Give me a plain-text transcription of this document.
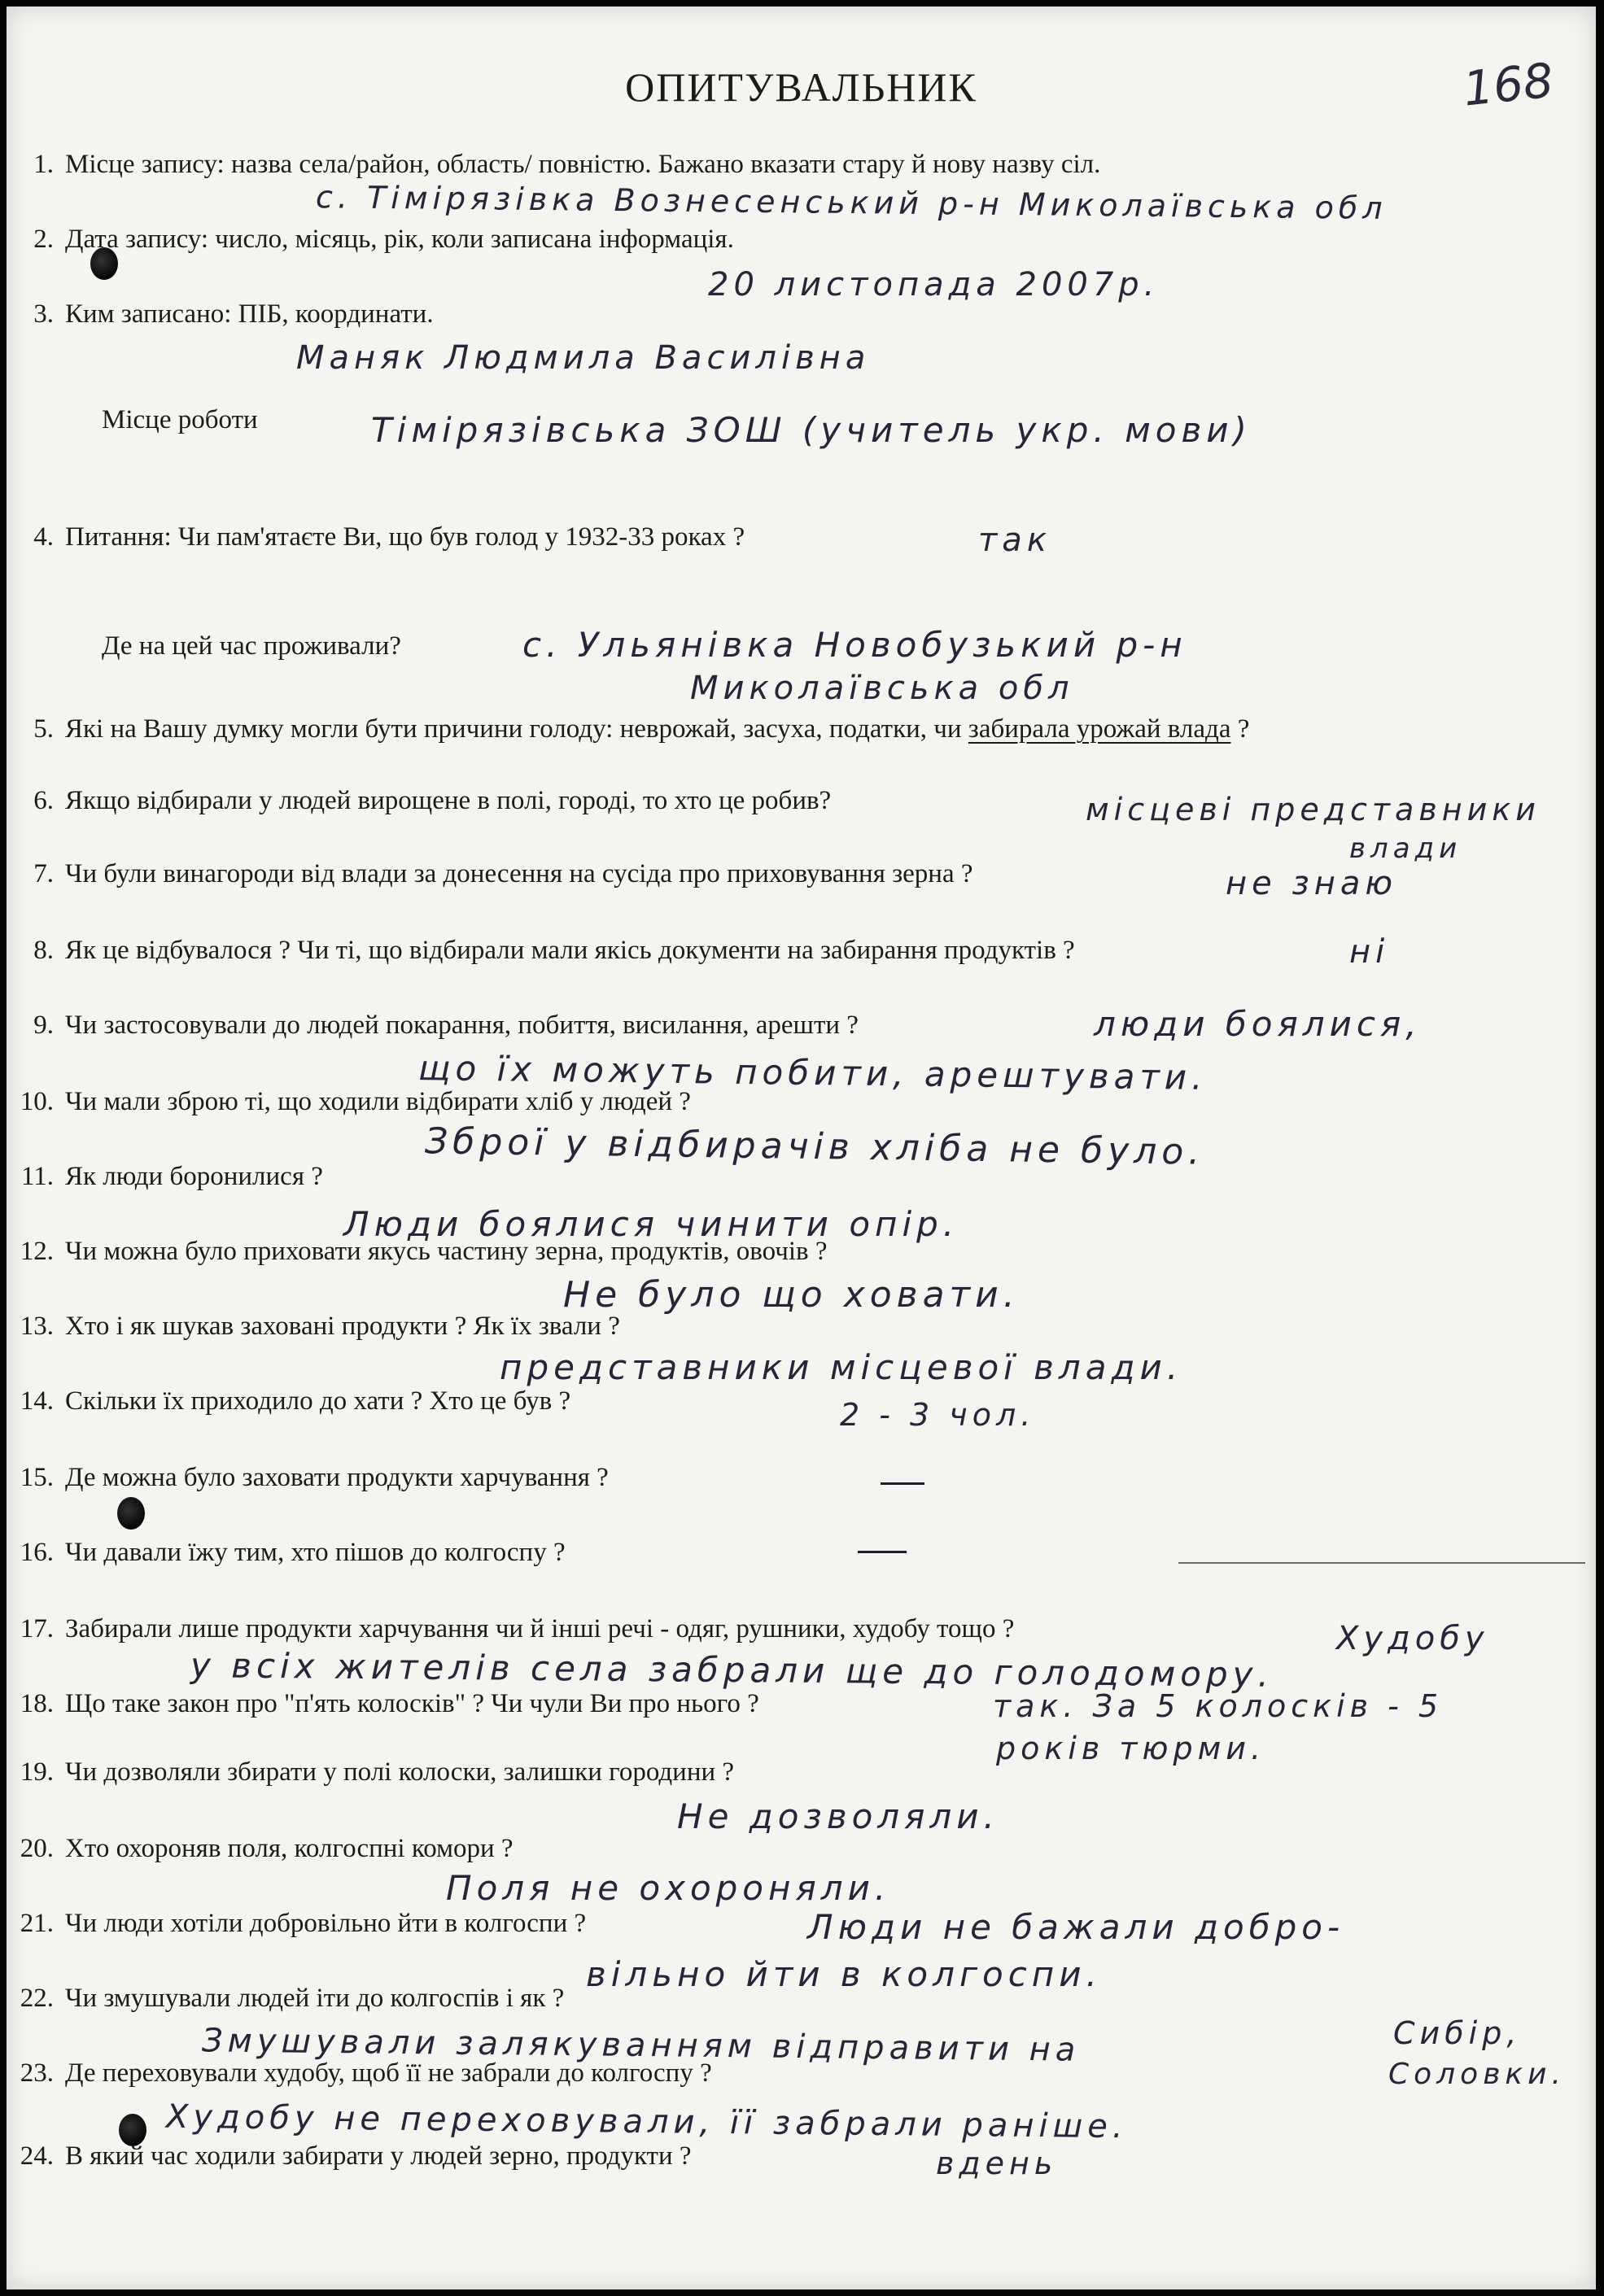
ОПИТУВАЛЬНИК	168
1. Місце запису: назва села/район, область/ повністю. Бажано вказати стару й нову назву сіл.
с. Тімірязівка Вознесенський р-н Миколаївська обл
2. Дата запису: число, місяць, рік, коли записана інформація.
20 листопада 2007р.
3. Ким записано: ПІБ, координати.
Маняк Людмила Василівна
Місце роботи	Тімірязівська ЗОШ (учитель укр. мови)
4. Питання: Чи пам'ятаєте Ви, що був голод у 1932-33 роках ?	так
Де на цей час проживали?	с. Ульянівка Новобузький р-н
Миколаївська обл
5. Які на Вашу думку могли бути причини голоду: неврожай, засуха, податки, чи забирала урожай влада ?
6. Якщо відбирали у людей вирощене в полі, городі, то хто це робив?	місцеві представники
влади
7. Чи були винагороди від влади за донесення на сусіда про приховування зерна ?	не знаю
8. Як це відбувалося ? Чи ті, що відбирали мали якісь документи на забирання продуктів ?	ні
9. Чи застосовували до людей покарання, побиття, висилання, арешти ?	люди боялися,
що їх можуть побити, арештувати.
10. Чи мали зброю ті, що ходили відбирати хліб у людей ?
Зброї у відбирачів хліба не було.
11. Як люди боронилися ?
Люди боялися чинити опір.
12. Чи можна було приховати якусь частину зерна, продуктів, овочів ?
Не було що ховати.
13. Хто і як шукав заховані продукти ? Як їх звали ?
представники місцевої влади.
14. Скільки їх приходило до хати ? Хто це був ?	2 - 3 чол.
15. Де можна було заховати продукти харчування ?
16. Чи давали їжу тим, хто пішов до колгоспу ?
17. Забирали лише продукти харчування чи й інші речі - одяг, рушники, худобу тощо ?	Худобу
у всіх жителів села забрали ще до голодомору.
18. Що таке закон про "п'ять колосків" ? Чи чули Ви про нього ?	так. За 5 колосків - 5
років тюрми.
19. Чи дозволяли збирати у полі колоски, залишки городини ?
Не дозволяли.
20. Хто охороняв поля, колгоспні комори ?
Поля не охороняли.
21. Чи люди хотіли добровільно йти в колгоспи ?	Люди не бажали добро-
вільно йти в колгоспи.
22. Чи змушували людей іти до колгоспів і як ?
Змушували залякуванням відправити на	Сибір,
Соловки.
23. Де переховували худобу, щоб її не забрали до колгоспу ?
Худобу не переховували, її забрали раніше.
24. В який час ходили забирати у людей зерно, продукти ?	вдень
